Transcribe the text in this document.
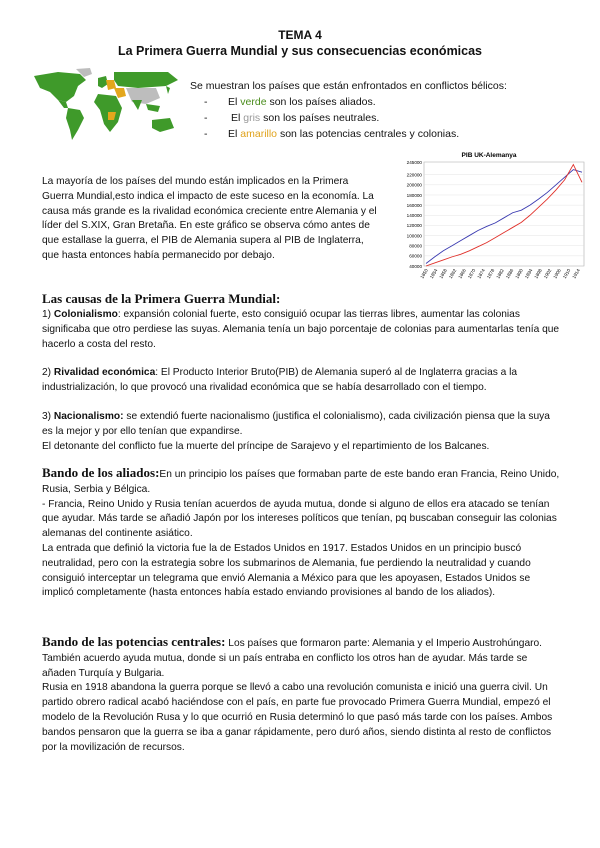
TEMA 4
La Primera Guerra Mundial y sus consecuencias económicas
Se muestran los países que están enfrontados en conflictos bélicos:
- El verde son los países aliados.
- El gris son los países neutrales.
- El amarillo son las potencias centrales y colonias.
PIB UK-Alemanya
245000
220000
200000
180000
160000
140000
120000
100000
80000
60000
40000
1850 1854 1858 1862 1866 1870 1874 1878 1882 1886 1890 1894 1898 1902 1906 1910 1914
La mayoría de los países del mundo están implicados en la Primera Guerra Mundial,esto indica el impacto de este suceso en la economía. La causa más grande es la rivalidad económica creciente entre Alemania y el líder del S.XIX, Gran Bretaña. En este gráfico se observa cómo antes de que estallase la guerra, el PIB de Alemania supera al PIB de Inglaterra, que hasta entonces había permanecido por debajo.
Las causas de la Primera Guerra Mundial:
1) Colonialismo: expansión colonial fuerte, esto consiguió ocupar las tierras libres, aumentar las colonias significaba que otro perdiese las suyas. Alemania tenía un bajo porcentaje de colonias para aumentarlas tenía que hacerlo a costa del resto.
2) Rivalidad económica: El Producto Interior Bruto(PIB) de Alemania superó al de Inglaterra gracias a la industrialización, lo que provocó una rivalidad económica que se había desarrollado con el tiempo.
3) Nacionalismo: se extendió fuerte nacionalismo (justifica el colonialismo), cada civilización piensa que la suya es la mejor y por ello tenían que expandirse.
El detonante del conflicto fue la muerte del príncipe de Sarajevo y el repartimiento de los Balcanes.
Bando de los aliados:En un principio los países que formaban parte de este bando eran Francia, Reino Unido, Rusia, Serbia y Bélgica.
- Francia, Reino Unido y Rusia tenían acuerdos de ayuda mutua, donde si alguno de ellos era atacado se tenían que ayudar. Más tarde se añadió Japón por los intereses políticos que tenían, pq buscaban conseguir las colonias alemanas del continente asiático.
La entrada que definió la victoria fue la de Estados Unidos en 1917. Estados Unidos en un principio buscó neutralidad, pero con la estrategia sobre los submarinos de Alemania, fue perdiendo la neutralidad y cuando consiguió interceptar un telegrama que envió Alemania a México para que les apoyasen, Estados Unidos se implicó completamente (hasta entonces había estado enviando provisiones al bando de los aliados).
Bando de las potencias centrales: Los países que formaron parte: Alemania y el Imperio Austrohúngaro.
También acuerdo ayuda mutua, donde si un país entraba en conflicto los otros han de ayudar. Más tarde se añaden Turquía y Bulgaria.
Rusia en 1918 abandona la guerra porque se llevó a cabo una revolución comunista e inició una guerra civil. Un partido obrero radical acabó haciéndose con el país, en parte fue provocado Primera Guerra Mundial, empezó el modelo de la Revolución Rusa y lo que ocurrió en Rusia determinó lo que pasó más tarde con los países. Ambos bandos pensaron que la guerra se iba a ganar rápidamente, pero duró años, siendo distinta al resto de conflictos por la movilización de recursos.
